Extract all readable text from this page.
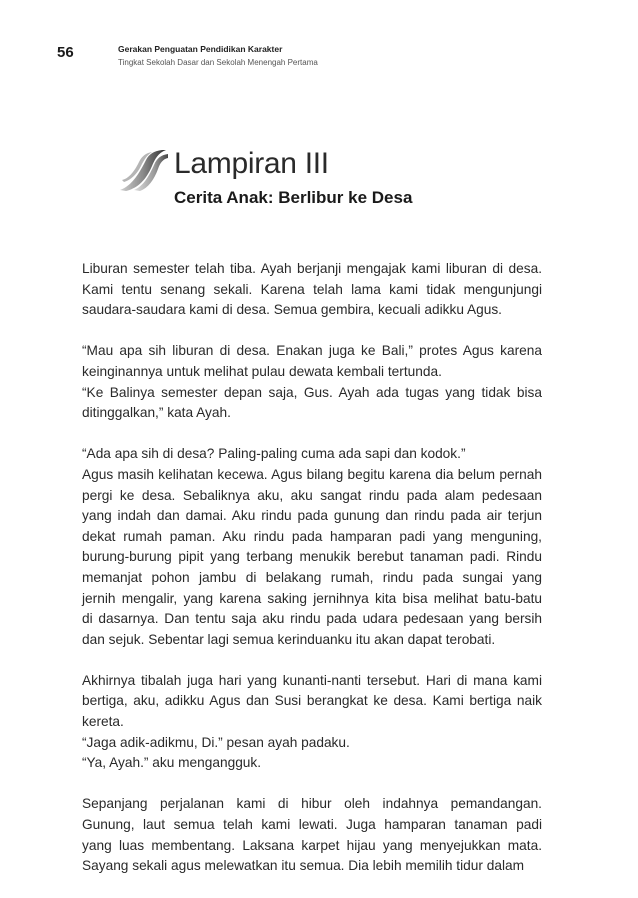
56	Gerakan Penguatan Pendidikan Karakter
Tingkat Sekolah Dasar dan Sekolah Menengah Pertama
Lampiran III
Cerita Anak: Berlibur ke Desa
Liburan semester telah tiba. Ayah berjanji mengajak kami liburan di desa.
Kami tentu senang sekali. Karena telah lama kami tidak mengunjungi
saudara-saudara kami di desa. Semua gembira, kecuali adikku Agus.
“Mau apa sih liburan di desa. Enakan juga ke Bali,” protes Agus karena
keinginannya untuk melihat pulau dewata kembali tertunda.
“Ke Balinya semester depan saja, Gus. Ayah ada tugas yang tidak bisa
ditinggalkan,” kata Ayah.
“Ada apa sih di desa? Paling-paling cuma ada sapi dan kodok.”
Agus masih kelihatan kecewa. Agus bilang begitu karena dia belum pernah
pergi ke desa. Sebaliknya aku, aku sangat rindu pada alam pedesaan
yang indah dan damai. Aku rindu pada gunung dan rindu pada air terjun
dekat rumah paman. Aku rindu pada hamparan padi yang menguning,
burung-burung pipit yang terbang menukik berebut tanaman padi. Rindu
memanjat pohon jambu di belakang rumah, rindu pada sungai yang
jernih mengalir, yang karena saking jernihnya kita bisa melihat batu-batu
di dasarnya. Dan tentu saja aku rindu pada udara pedesaan yang bersih
dan sejuk. Sebentar lagi semua kerinduanku itu akan dapat terobati.
Akhirnya tibalah juga hari yang kunanti-nanti tersebut. Hari di mana kami
bertiga, aku, adikku Agus dan Susi berangkat ke desa. Kami bertiga naik
kereta.
“Jaga adik-adikmu, Di.” pesan ayah padaku.
“Ya, Ayah.” aku mengangguk.
Sepanjang perjalanan kami di hibur oleh indahnya pemandangan.
Gunung, laut semua telah kami lewati. Juga hamparan tanaman padi
yang luas membentang. Laksana karpet hijau yang menyejukkan mata.
Sayang sekali agus melewatkan itu semua. Dia lebih memilih tidur dalam
